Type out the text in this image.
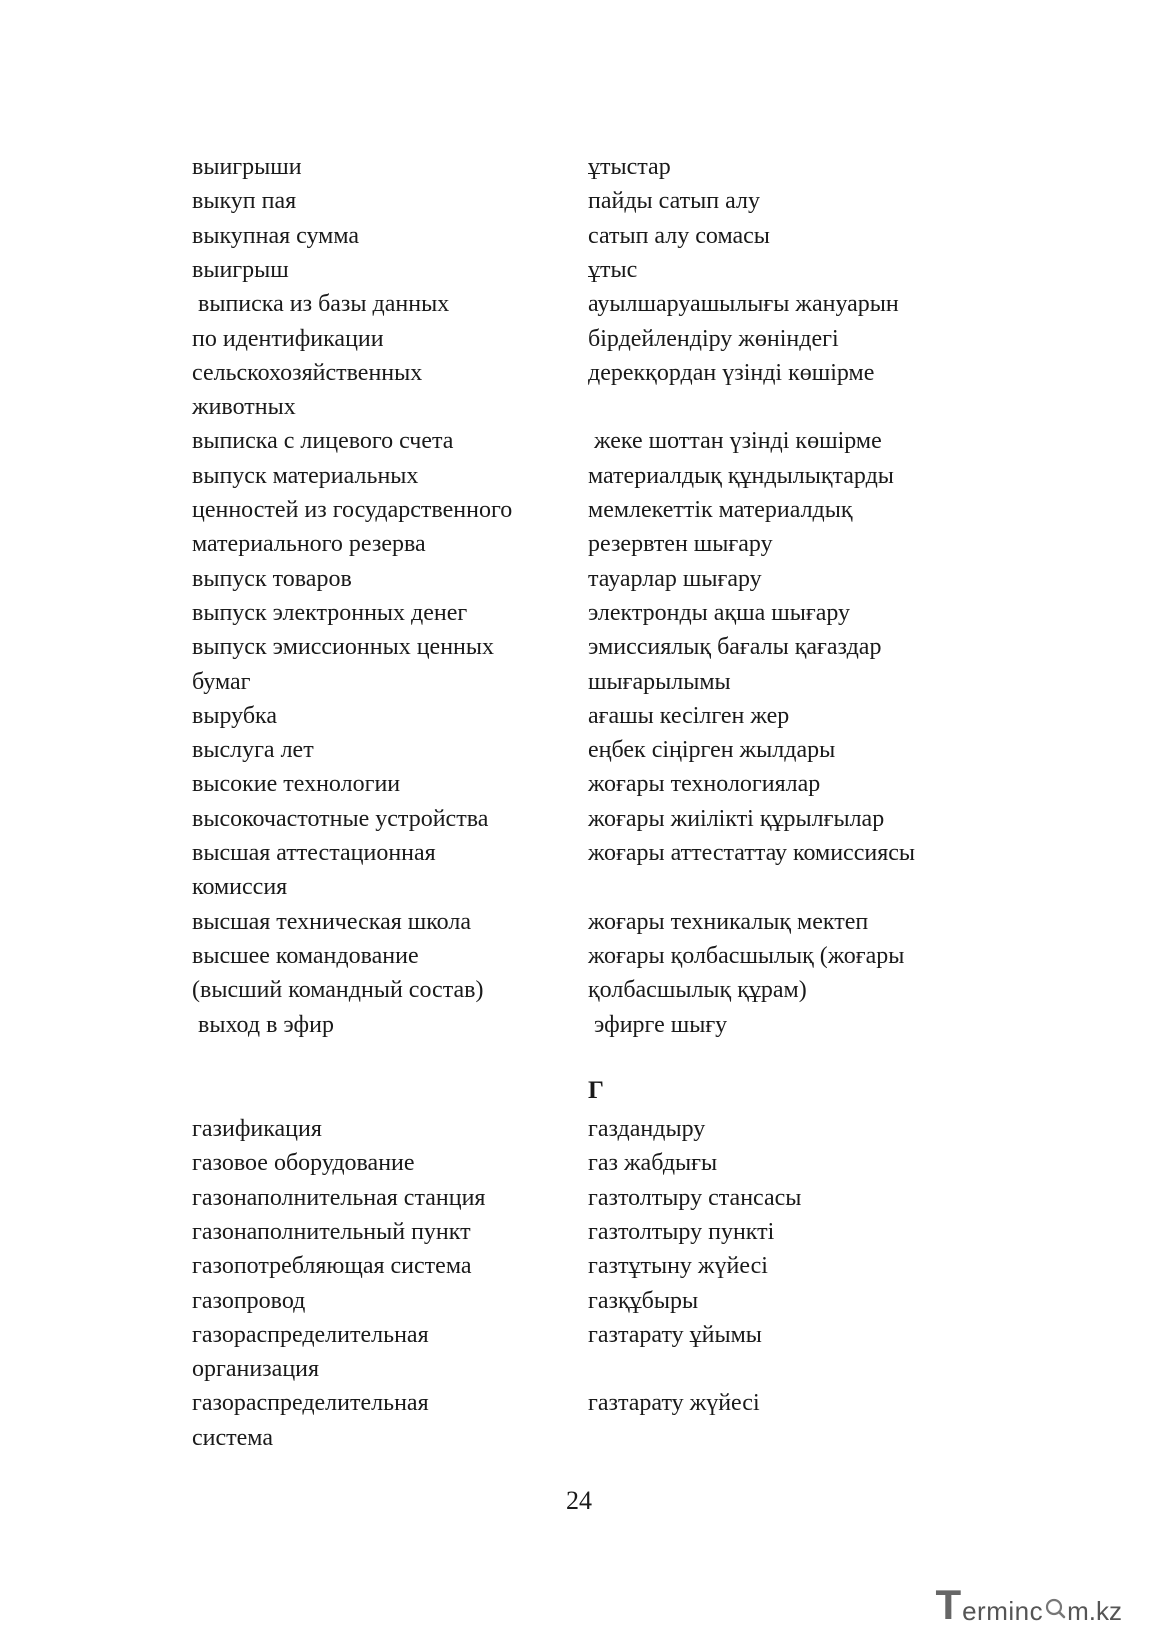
выигрыши
выкуп пая
выкупная сумма
выигрыш
выписка из базы данных
по идентификации
сельскохозяйственных
животных
выписка с лицевого счета
выпуск материальных
ценностей из государственного
материального резерва
выпуск товаров
выпуск электронных денег
выпуск эмиссионных ценных
бумаг
вырубка
выслуга лет
высокие технологии
высокочастотные устройства
высшая аттестационная
комиссия
высшая техническая школа
высшее командование
(высший командный состав)
выход в эфир
ұтыстар
пайды сатып алу
сатып алу сомасы
ұтыс
ауылшаруашылығы жануарын
бірдейлендіру жөніндегі
дерекқордан үзінді көшірме
жеке шоттан үзінді көшірме
материалдық құндылықтарды
мемлекеттік материалдық
резервтен шығару
тауарлар шығару
электронды ақша шығару
эмиссиялық бағалы қағаздар
шығарылымы
ағашы кесілген жер
еңбек сіңірген жылдары
жоғары технологиялар
жоғары жиілікті құрылғылар
жоғары аттестаттау комиссиясы
жоғары техникалық мектеп
жоғары қолбасшылық (жоғары
қолбасшылық құрам)
эфирге шығу
Г
газификация
газовое оборудование
газонаполнительная станция
газонаполнительный пункт
газопотребляющая система
газопровод
газораспределительная
организация
газораспределительная
система
газдандыру
газ жабдығы
газтолтыру стансасы
газтолтыру пункті
газтұтыну жүйесі
газқұбыры
газтарату ұйымы
газтарату жүйесі
24
T erminc m.kz
